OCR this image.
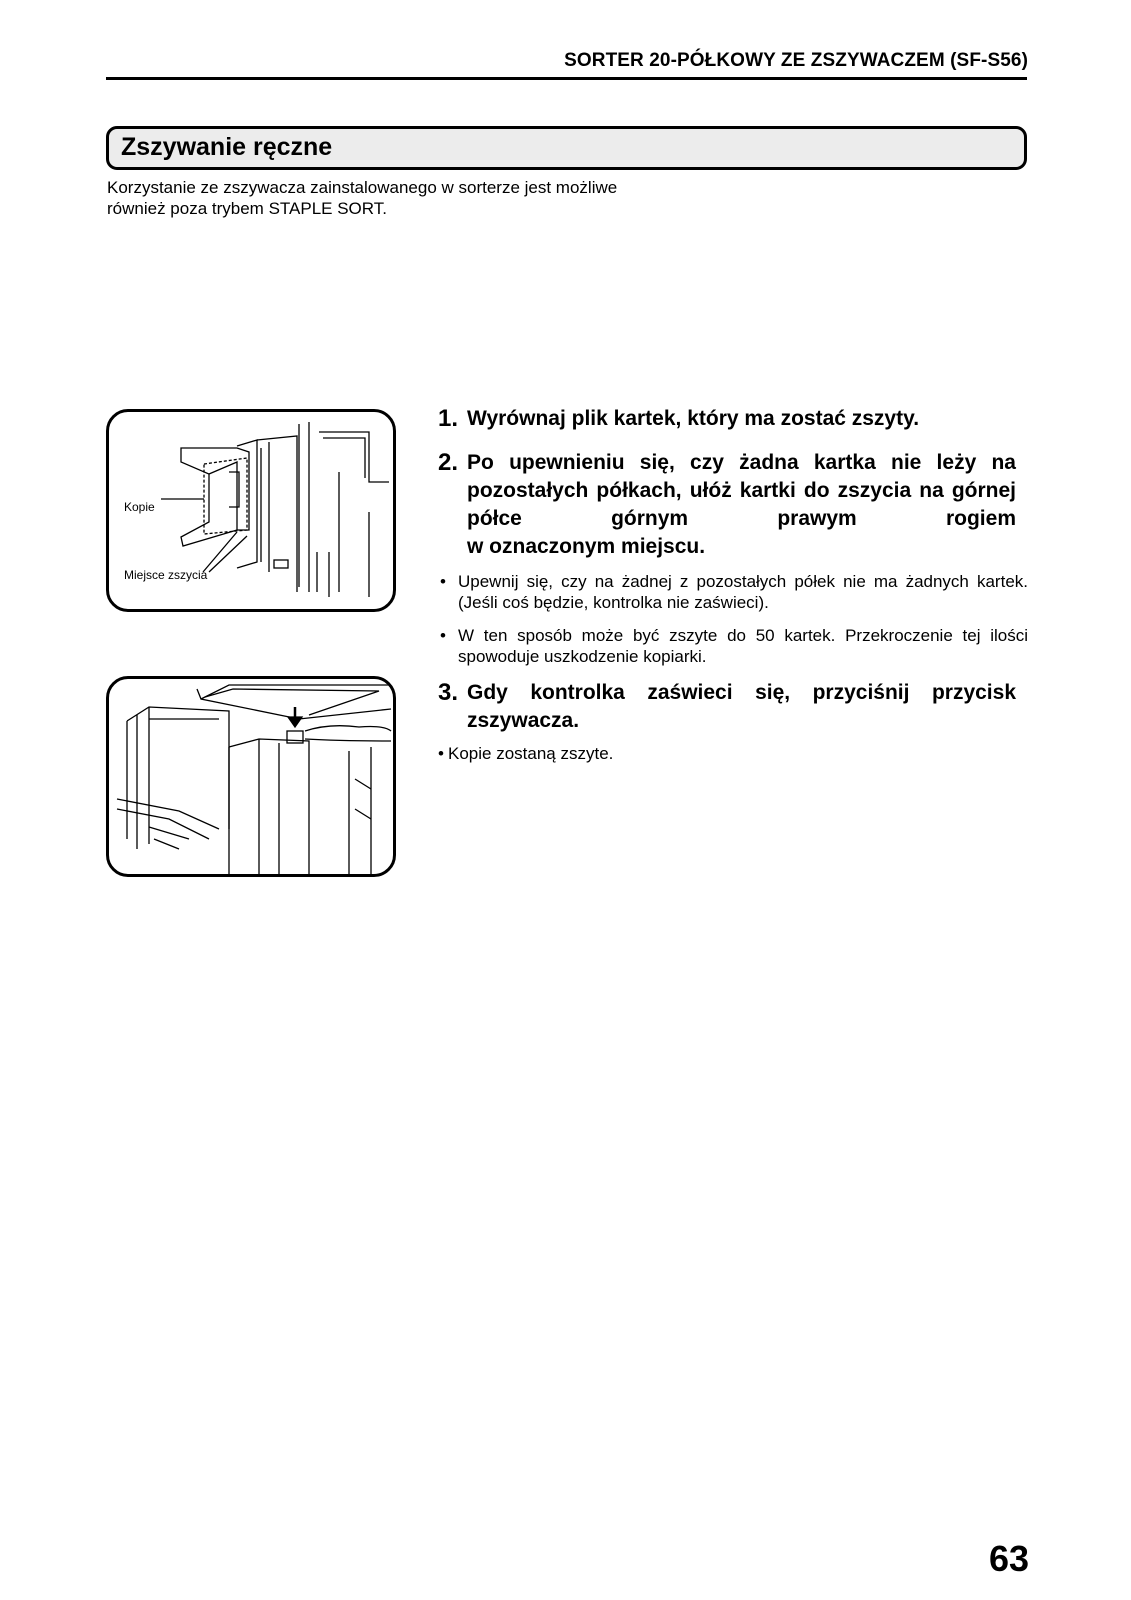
SORTER 20-PÓŁKOWY ZE ZSZYWACZEM (SF-S56)
Zszywanie ręczne

Korzystanie ze zszywacza zainstalowanego w sorterze jest możliwe

również poza trybem STAPLE SORT.

Kopie
Miejsce zszycia
1. Wyrównaj plik kartek, który ma zostać zszyty.
2. Po upewnieniu się, czy żadna kartka nie leży na pozostałych półkach, ułóż kartki do zszycia na górnej półce górnym prawym rogiem
w oznaczonym miejscu.
• Upewnij się, czy na żadnej z pozostałych półek nie ma żadnych kartek. (Jeśli coś będzie, kontrolka nie zaświeci).
• W ten sposób może być zszyte do 50 kartek. Przekroczenie tej ilości spowoduje uszkodzenie kopiarki.
3. Gdy kontrolka zaświeci się, przyciśnij przycisk zszywacza.
• Kopie zostaną zszyte.
63
